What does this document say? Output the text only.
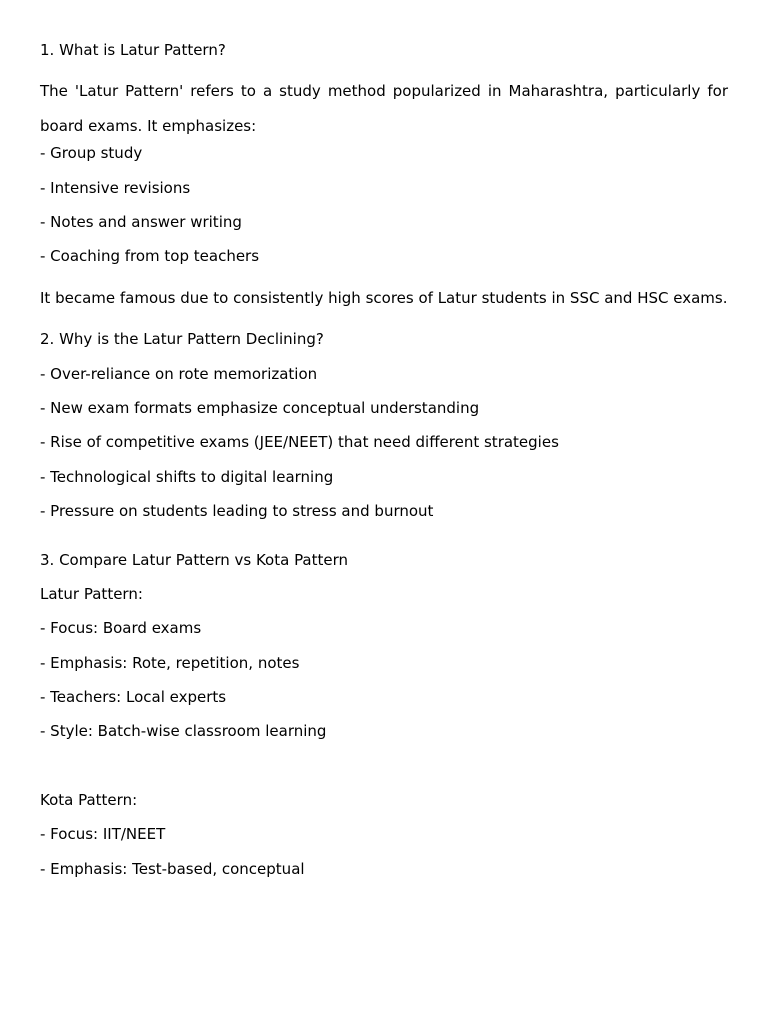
1. What is Latur Pattern?

The 'Latur Pattern' refers to a study method popularized in Maharashtra, particularly for board exams. It emphasizes:

- Group study
- Intensive revisions
- Notes and answer writing
- Coaching from top teachers

It became famous due to consistently high scores of Latur students in SSC and HSC exams.

2. Why is the Latur Pattern Declining?
- Over-reliance on rote memorization
- New exam formats emphasize conceptual understanding
- Rise of competitive exams (JEE/NEET) that need different strategies
- Technological shifts to digital learning
- Pressure on students leading to stress and burnout
3. Compare Latur Pattern vs Kota Pattern
Latur Pattern:
- Focus: Board exams
- Emphasis: Rote, repetition, notes
- Teachers: Local experts
- Style: Batch-wise classroom learning
Kota Pattern:
- Focus: IIT/NEET
- Emphasis: Test-based, conceptual
